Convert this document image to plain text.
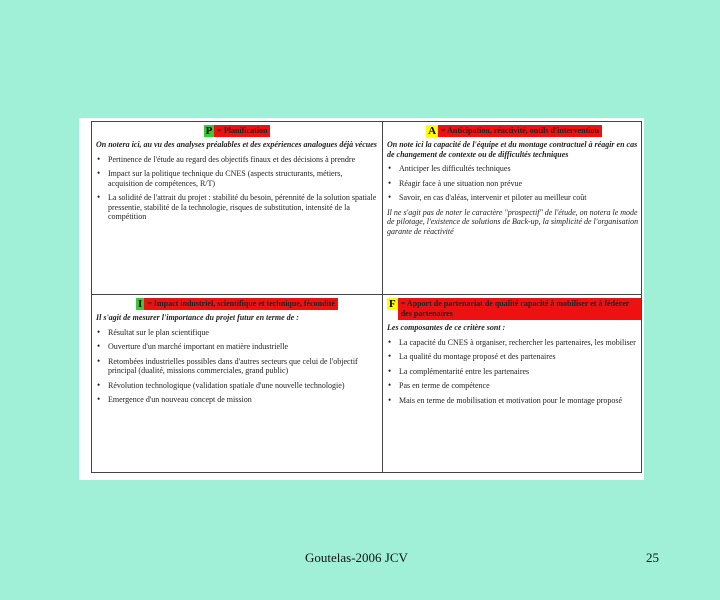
P = Planification
On notera ici, au vu des analyses préalables et des expériences analogues déjà vécues
• Pertinence de l'étude au regard des objectifs finaux et des décisions à prendre
• Impact sur la politique technique du CNES (aspects structurants, métiers, acquisition de compétences, R/T)
• La solidité de l'attrait du projet : stabilité du besoin, pérennité de la solution spatiale pressentie, stabilité de la technologie, risques de substitution, intensité de la compétition
A = Anticipation, réactivité, outils d'intervention
On note ici la capacité de l'équipe et du montage contractuel à réagir en cas de changement de contexte ou de difficultés techniques
• Anticiper les difficultés techniques
• Réagir face à une situation non prévue
• Savoir, en cas d'aléas, intervenir et piloter au meilleur coût
Il ne s'agit pas de noter le caractère "prospectif" de l'étude, on notera le mode de pilotage, l'existence de solutions de Back-up, la simplicité de l'organisation garante de réactivité
I = Impact industriel, scientifique et technique, fécondité
Il s'agit de mesurer l'importance du projet futur en terme de :
• Résultat sur le plan scientifique
• Ouverture d'un marché important en matière industrielle
• Retombées industrielles possibles dans d'autres secteurs que celui de l'objectif principal (dualité, missions commerciales, grand public)
• Révolution technologique (validation spatiale d'une nouvelle technologie)
• Emergence d'un nouveau concept de mission
F = Apport de partenariat de qualité capacité à mobiliser et à fédérer des partenaires
Les composantes de ce critère sont :
• La capacité du CNES à organiser, rechercher les partenaires, les mobiliser
• La qualité du montage proposé et des partenaires
• La complémentarité entre les partenaires
• Pas en terme de compétence
• Mais en terme de mobilisation et motivation pour le montage proposé
Goutelas-2006 JCV	25
